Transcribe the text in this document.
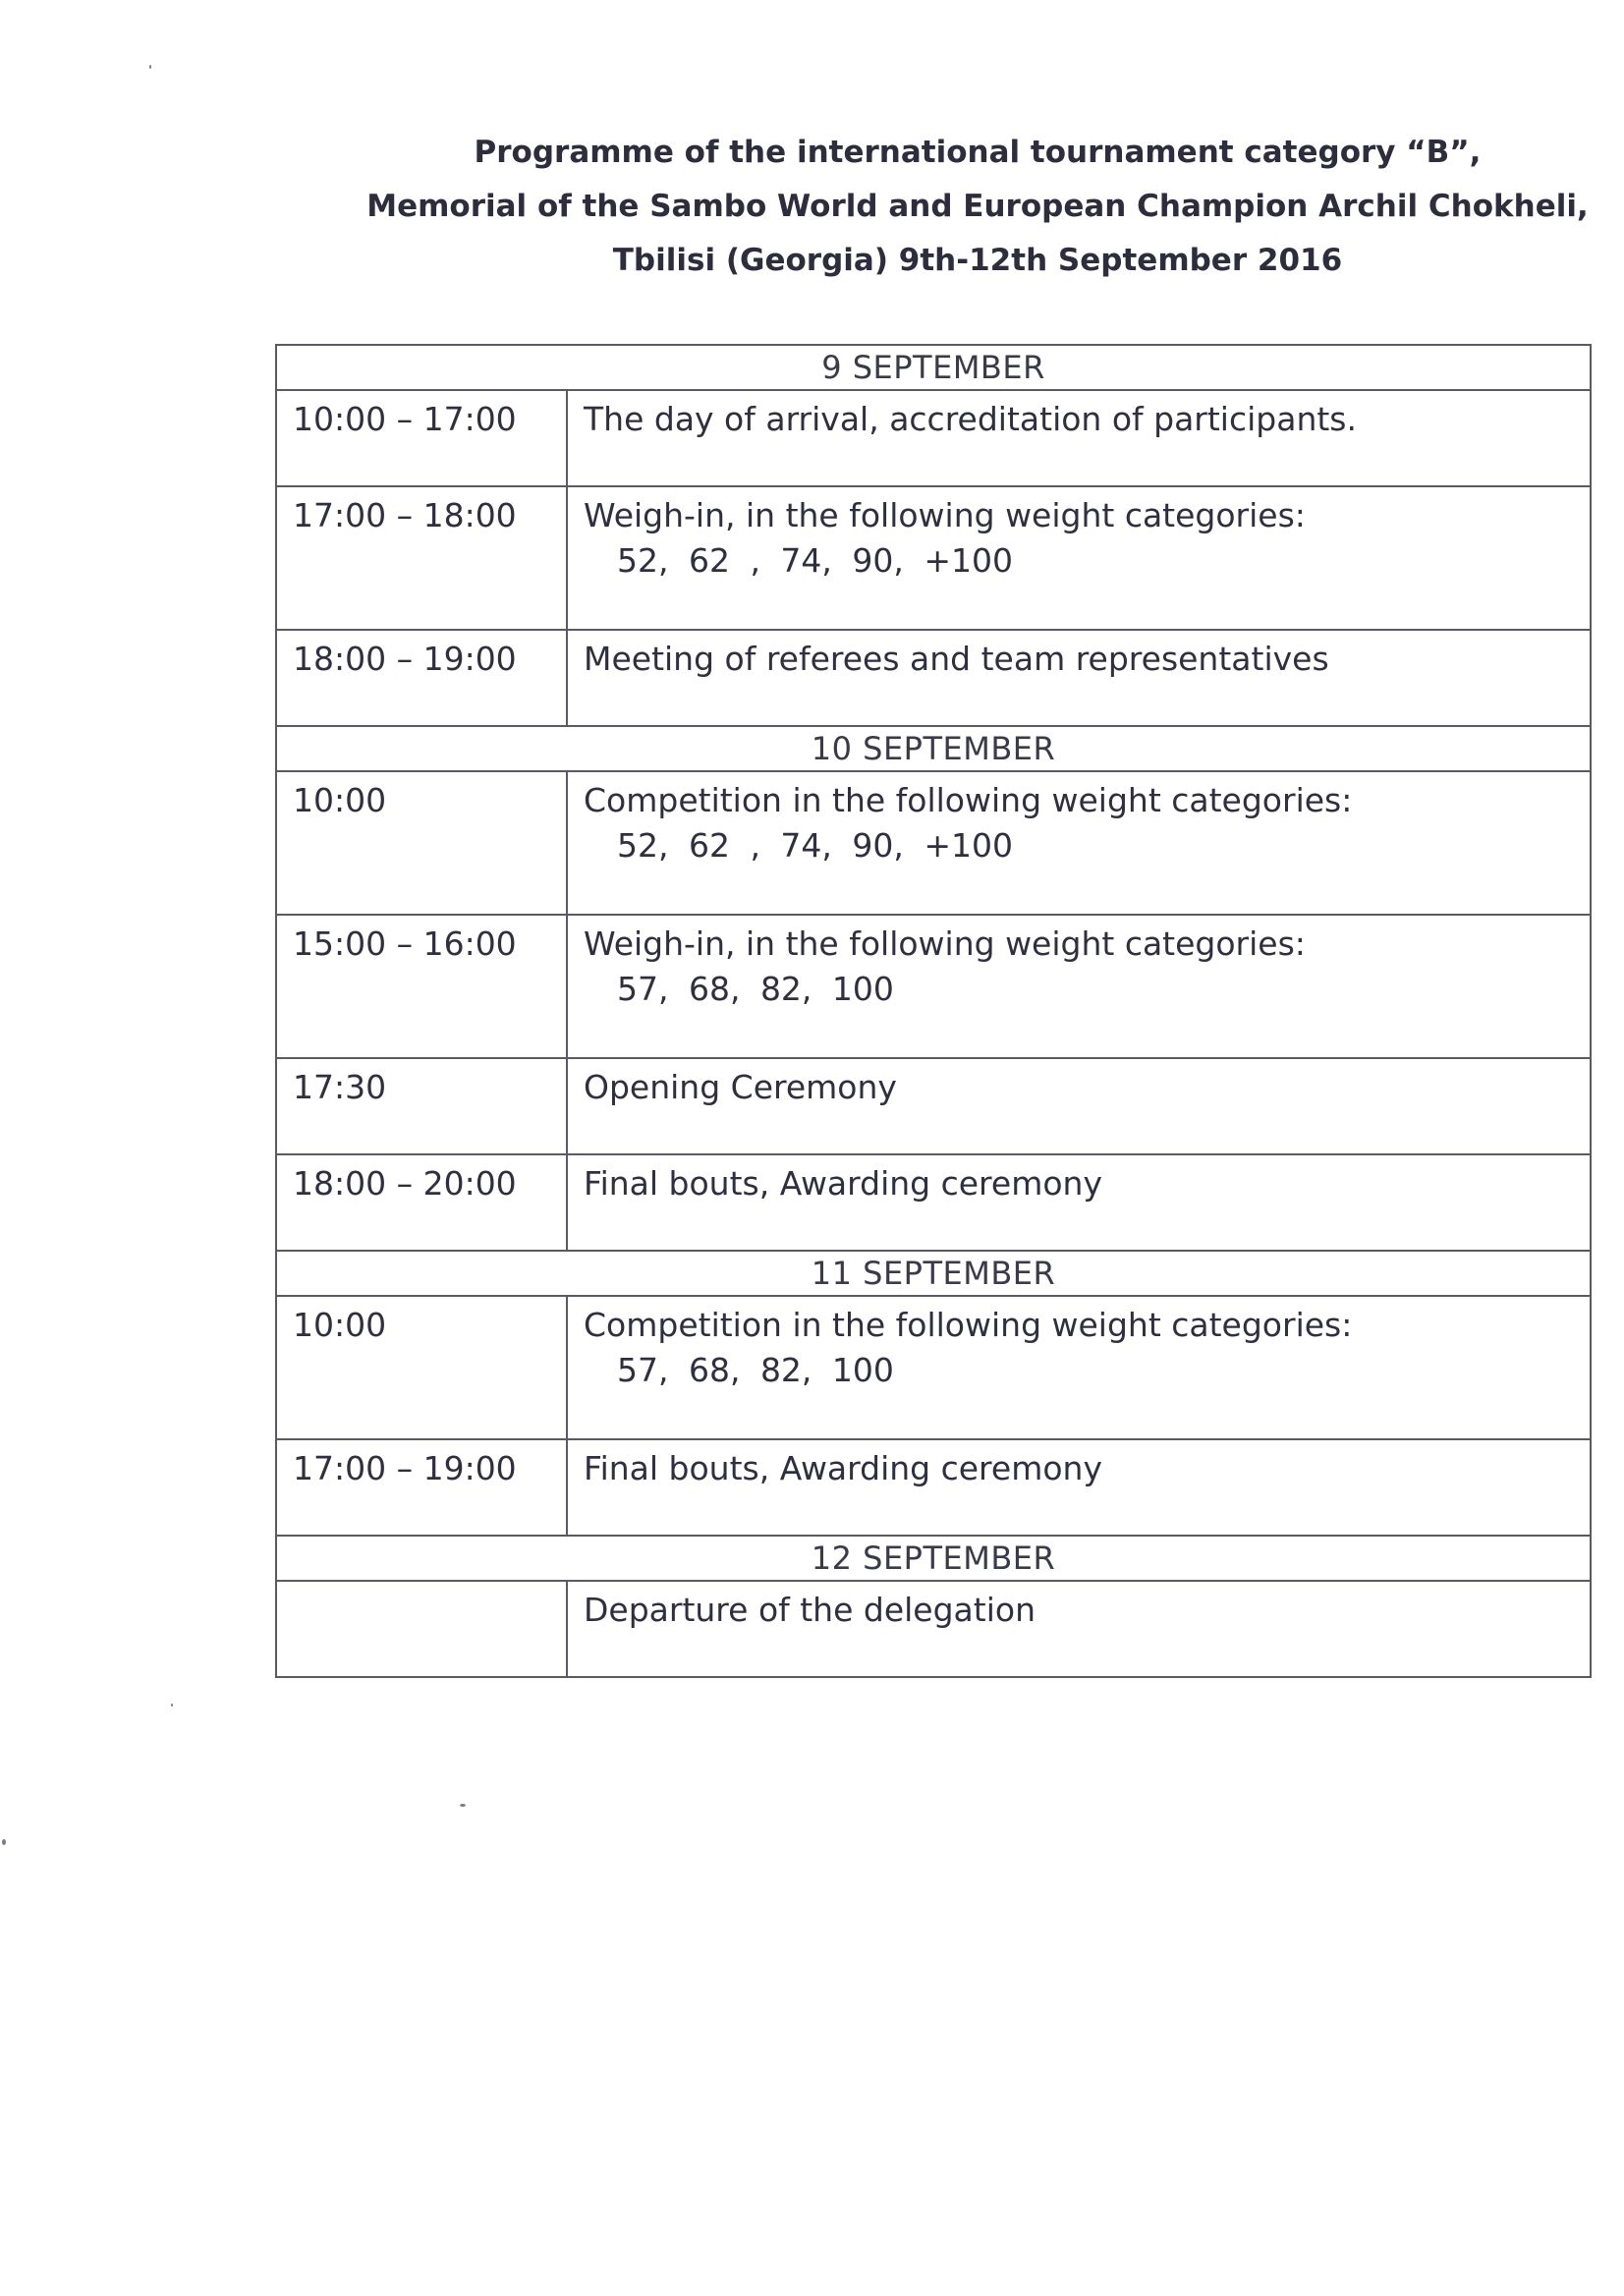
Programme of the international tournament category “B”,
Memorial of the Sambo World and European Champion Archil Chokheli,
Tbilisi (Georgia) 9th-12th September 2016
9 SEPTEMBER	
10:00 – 17:00	The day of arrival, accreditation of participants.
17:00 – 18:00	Weigh-in, in the following weight categories:
52, 62 , 74, 90, +100

18:00 – 19:00	Meeting of referees and team representatives
10 SEPTEMBER	
10:00	Competition in the following weight categories:
52, 62 , 74, 90, +100

15:00 – 16:00	Weigh-in, in the following weight categories:
57, 68, 82, 100

17:30	Opening Ceremony
18:00 – 20:00	Final bouts, Awarding ceremony
11 SEPTEMBER	
10:00	Competition in the following weight categories:
57, 68, 82, 100

17:00 – 19:00	Final bouts, Awarding ceremony
12 SEPTEMBER	
	Departure of the delegation
